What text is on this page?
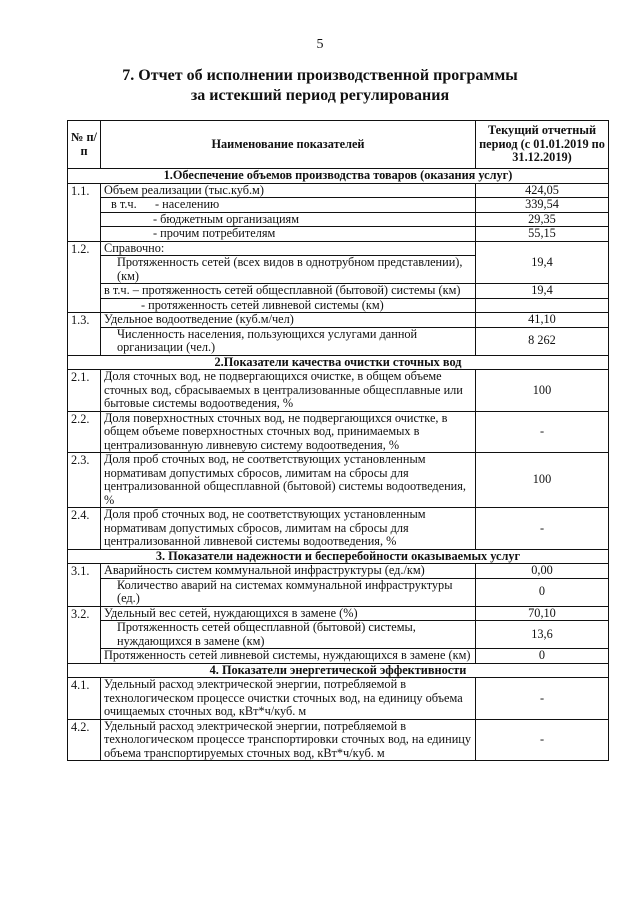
5
7. Отчет об исполнении производственной программы
за истекший период регулирования
№ п/п	Наименование показателей	Текущий отчетный период (с 01.01.2019 по 31.12.2019)
1.Обеспечение объемов производства товаров (оказания услуг)		
1.1.	Объем реализации (тыс.куб.м)	424,05
	в т.ч. - населению	339,54
	- бюджетным организациям	29,35
	- прочим потребителям	55,15
1.2.	Справочно:	19,4
	Протяженность сетей (всех видов в однотрубном представлении), (км)	
	в т.ч. – протяженность сетей общесплавной (бытовой) системы (км)	19,4
	- протяженность сетей ливневой системы (км)	
1.3.	Удельное водоотведение (куб.м/чел)	41,10
	Численность населения, пользующихся услугами данной организации (чел.)	8 262
2.Показатели качества очистки сточных вод		
2.1.	Доля сточных вод, не подвергающихся очистке, в общем объеме сточных вод, сбрасываемых в централизованные общесплавные или бытовые системы водоотведения, %	100
2.2.	Доля поверхностных сточных вод, не подвергающихся очистке, в общем объеме поверхностных сточных вод, принимаемых в централизованную ливневую систему водоотведения, %	-
2.3.	Доля проб сточных вод, не соответствующих установленным нормативам допустимых сбросов, лимитам на сбросы для централизованной общесплавной (бытовой) системы водоотведения, %	100
2.4.	Доля проб сточных вод, не соответствующих установленным нормативам допустимых сбросов, лимитам на сбросы для централизованной ливневой системы водоотведения, %	-
3. Показатели надежности и бесперебойности оказываемых услуг		
3.1.	Аварийность систем коммунальной инфраструктуры (ед./км)	0,00
	Количество аварий на системах коммунальной инфраструктуры (ед.)	0
3.2.	Удельный вес сетей, нуждающихся в замене (%)	70,10
	Протяженность сетей общесплавной (бытовой) системы, нуждающихся в замене (км)	13,6
	Протяженность сетей ливневой системы, нуждающихся в замене (км)	0
4. Показатели энергетической эффективности		
4.1.	Удельный расход электрической энергии, потребляемой в технологическом процессе очистки сточных вод, на единицу объема очищаемых сточных вод, кВт*ч/куб. м	-
4.2.	Удельный расход электрической энергии, потребляемой в технологическом процессе транспортировки сточных вод, на единицу объема транспортируемых сточных вод, кВт*ч/куб. м	-
